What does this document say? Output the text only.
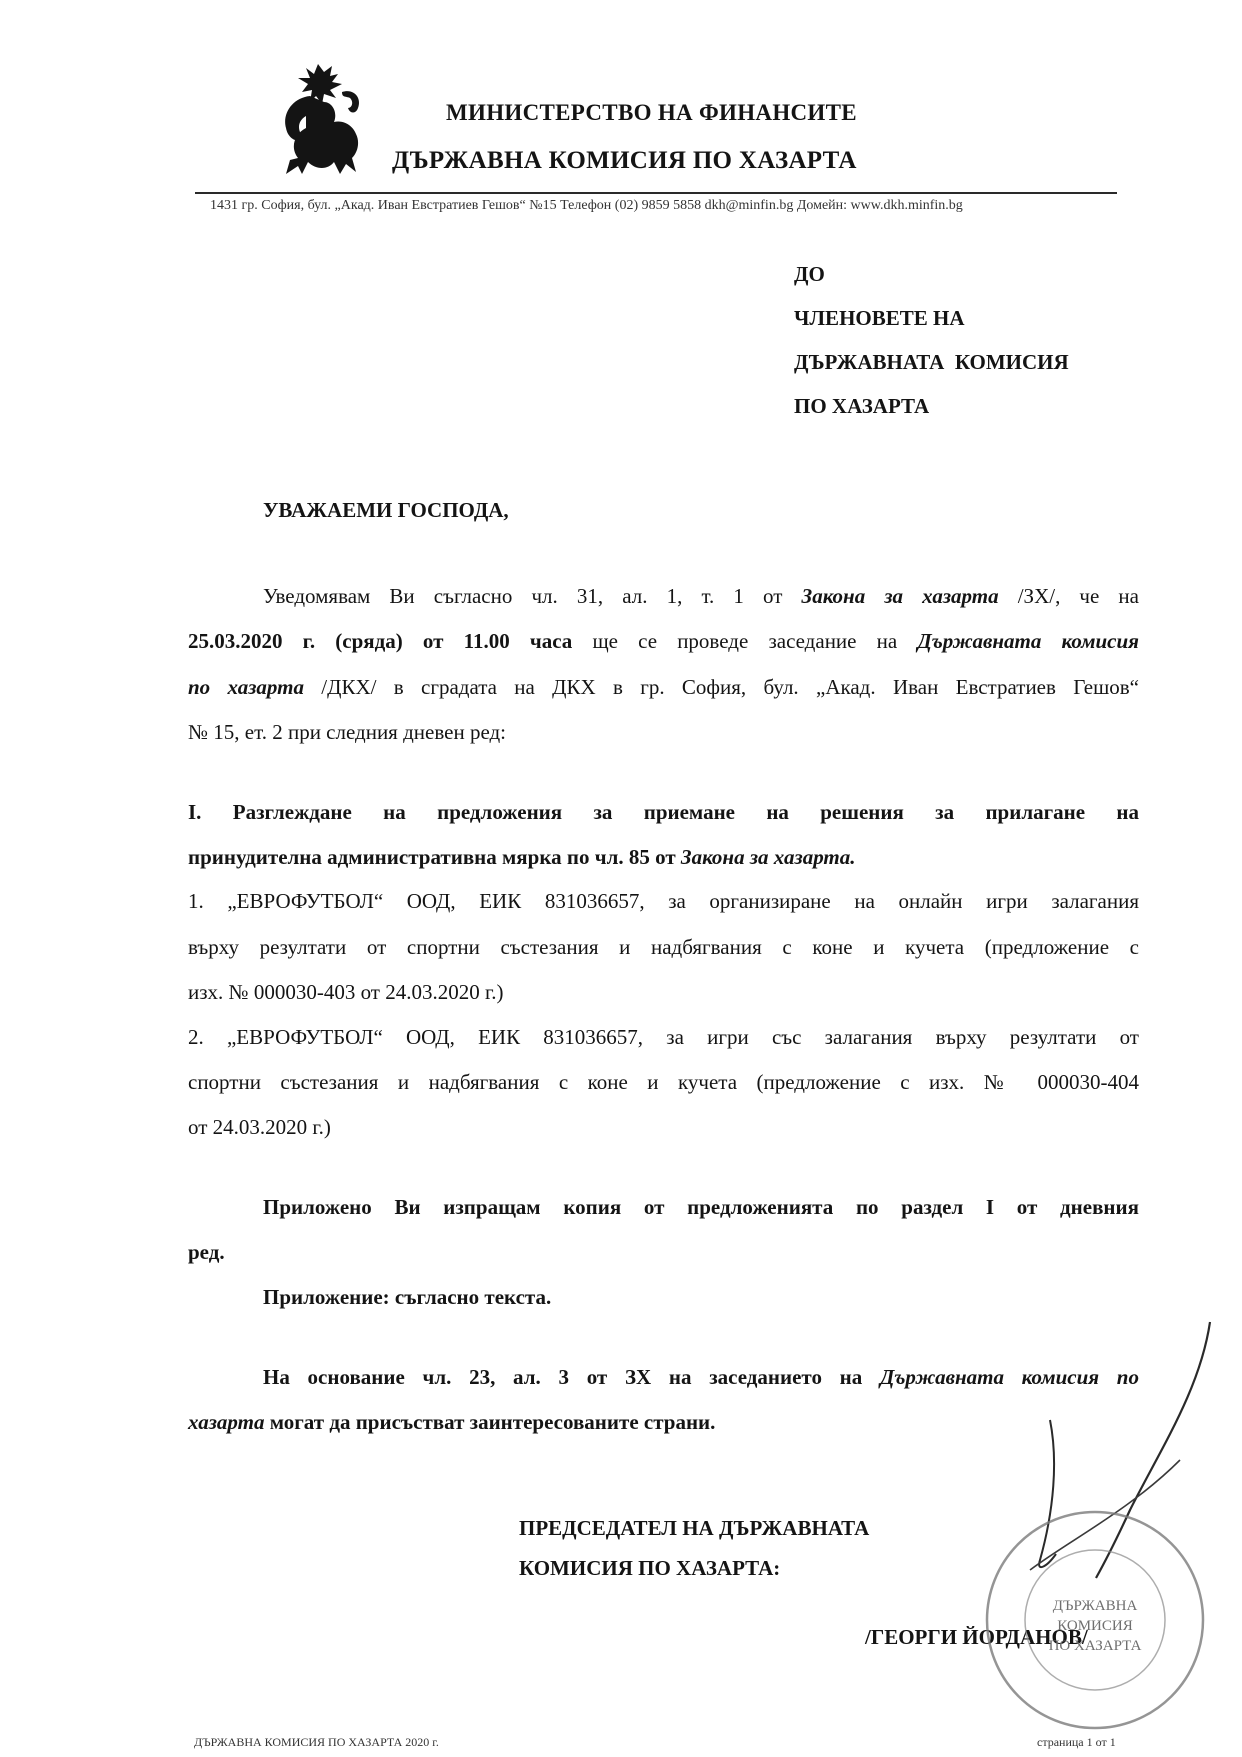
МИНИСТЕРСТВО НА ФИНАНСИТЕ
ДЪРЖАВНА КОМИСИЯ ПО ХАЗАРТА
1431 гр. София, бул. „Акад. Иван Евстратиев Гешов“ №15 Телефон (02) 9859 5858 dkh@minfin.bg Домейн: www.dkh.minfin.bg
ДО
ЧЛЕНОВЕТЕ НА
ДЪРЖАВНАТА  КОМИСИЯ
ПО ХАЗАРТА
УВАЖАЕМИ ГОСПОДА,
Уведомявам Ви съгласно чл. 31, ал. 1, т. 1 от Закона за хазарта /ЗХ/, че на
25.03.2020 г. (сряда) от 11.00 часа ще се проведе заседание на Държавната комисия
по хазарта /ДКХ/ в сградата на ДКХ в гр. София, бул. „Акад. Иван Евстратиев Гешов“
№ 15, ет. 2 при следния дневен ред:
I. Разглеждане на предложения за приемане на решения за прилагане на
принудителна административна мярка по чл. 85 от Закона за хазарта.
1. „ЕВРОФУТБОЛ“ ООД, ЕИК 831036657, за организиране на онлайн игри залагания
върху резултати от спортни състезания и надбягвания с коне и кучета (предложение с
изх. № 000030-403 от 24.03.2020 г.)
2. „ЕВРОФУТБОЛ“ ООД, ЕИК 831036657, за игри със залагания върху резултати от
спортни състезания и надбягвания с коне и кучета (предложение с изх. № 000030-404
от 24.03.2020 г.)
Приложено Ви изпращам копия от предложенията по раздел I от дневния
ред.
Приложение: съгласно текста.
На основание чл. 23, ал. 3 от ЗХ на заседанието на Държавната комисия по
хазарта могат да присъстват заинтересованите страни.
ПРЕДСЕДАТЕЛ НА ДЪРЖАВНАТА
КОМИСИЯ ПО ХАЗАРТА:
/ГЕОРГИ ЙОРДАНОВ/
ДЪРЖАВНА
КОМИСИЯ
ПО ХАЗАРТА
ДЪРЖАВНА КОМИСИЯ ПО ХАЗАРТА 2020 г.	страница 1 от 1
